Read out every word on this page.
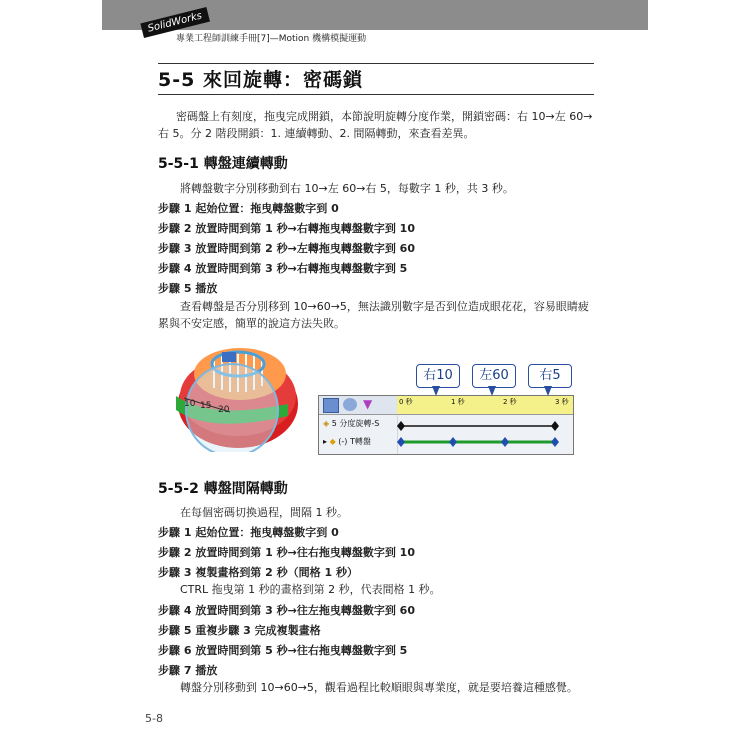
SolidWorks
專業工程師訓練手冊[7]—Motion 機構模擬運動
5-5 來回旋轉：密碼鎖
密碼盤上有刻度，拖曳完成開鎖，本節說明旋轉分度作業，開鎖密碼：右 10→左 60→
右 5。分 2 階段開鎖：1. 連續轉動、2. 間隔轉動，來查看差異。
5-5-1 轉盤連續轉動
將轉盤數字分別移動到右 10→左 60→右 5，每數字 1 秒，共 3 秒。
步驟 1 起始位置：拖曳轉盤數字到 0
步驟 2 放置時間到第 1 秒→右轉拖曳轉盤數字到 10
步驟 3 放置時間到第 2 秒→左轉拖曳轉盤數字到 60
步驟 4 放置時間到第 3 秒→右轉拖曳轉盤數字到 5
步驟 5 播放
查看轉盤是否分別移到 10→60→5，無法識別數字是否到位造成眼花花，容易眼睛疲
累與不安定感，簡單的說這方法失敗。
10 15 20
右10	左60	右5
▼	0 秒	1 秒	2 秒	3 秒
◈ 5 分度旋轉-S
▸ ◆ (-) T轉盤
5-5-2 轉盤間隔轉動
在每個密碼切換過程，間隔 1 秒。
步驟 1 起始位置：拖曳轉盤數字到 0
步驟 2 放置時間到第 1 秒→往右拖曳轉盤數字到 10
步驟 3 複製畫格到第 2 秒（間格 1 秒）
CTRL 拖曳第 1 秒的畫格到第 2 秒，代表間格 1 秒。
步驟 4 放置時間到第 3 秒→往左拖曳轉盤數字到 60
步驟 5 重複步驟 3 完成複製畫格
步驟 6 放置時間到第 5 秒→往右拖曳轉盤數字到 5
步驟 7 播放
轉盤分別移動到 10→60→5，觀看過程比較順眼與專業度，就是要培養這種感覺。
5-8
